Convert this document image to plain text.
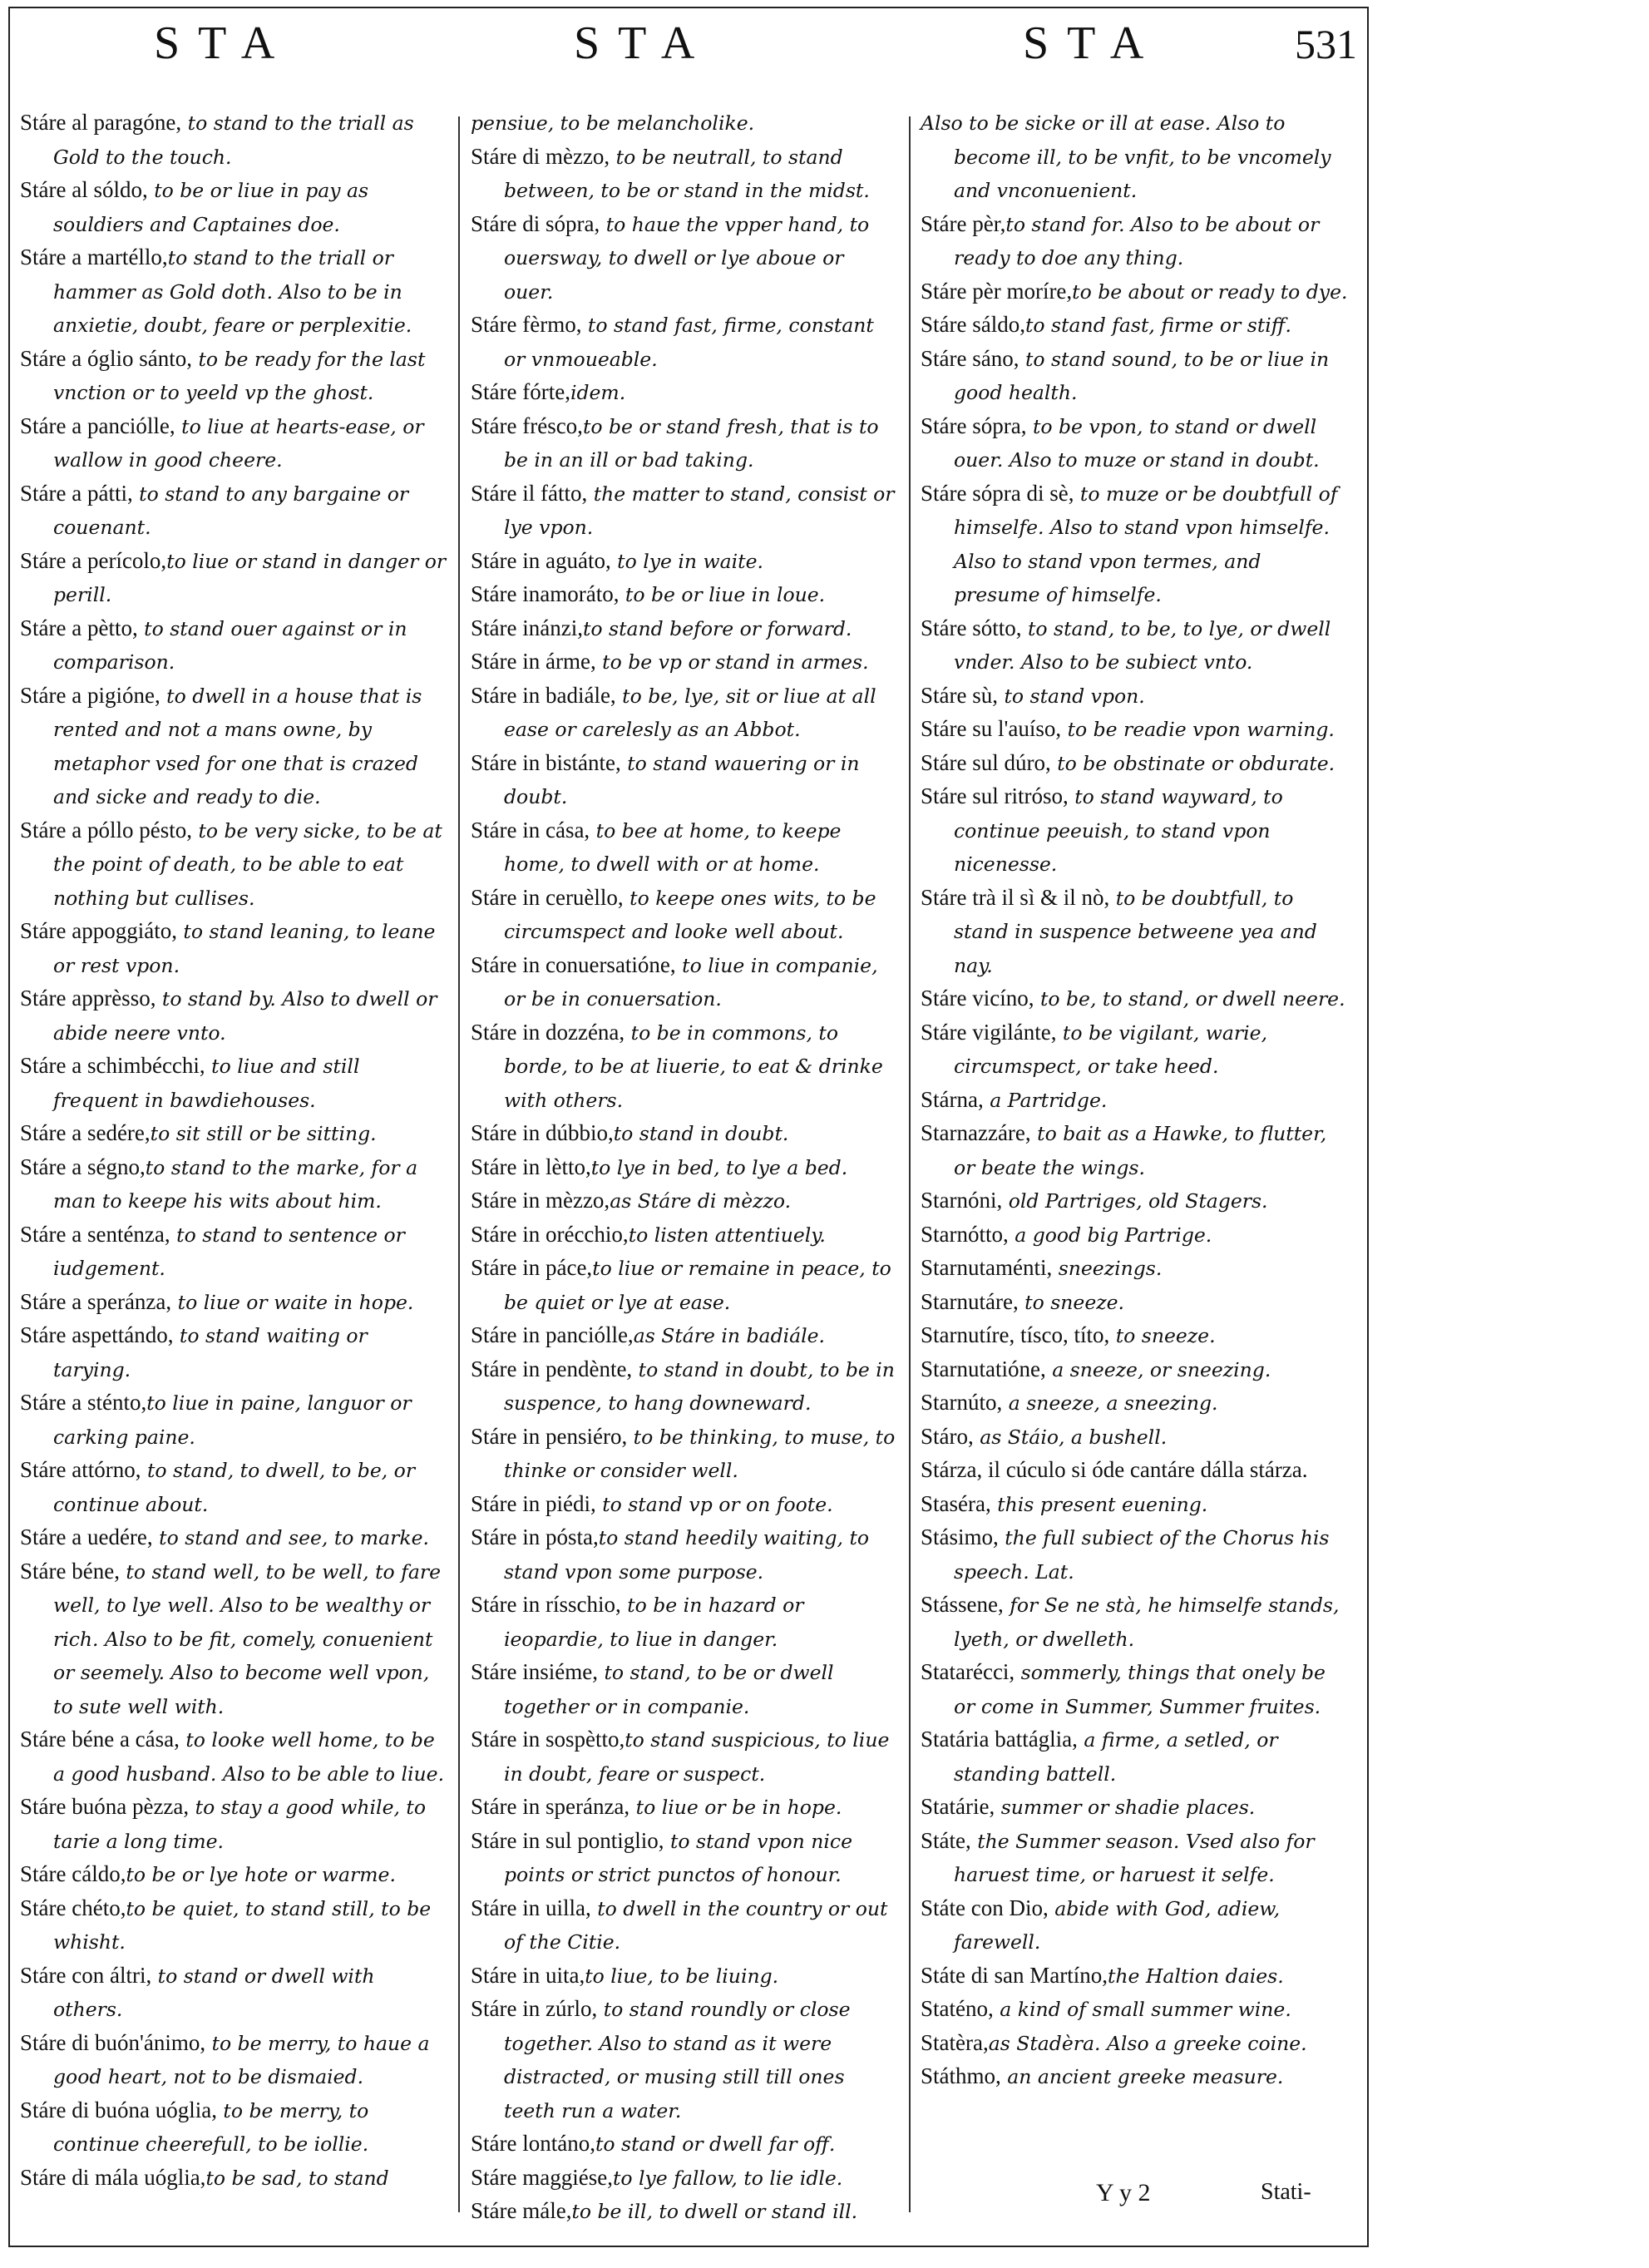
STA	STA	STA	531
Stáre al paragóne, to stand to the triall as Gold to the touch.
Stáre al sóldo, to be or liue in pay as souldiers and Captaines doe.
Stáre a martéllo,to stand to the triall or hammer as Gold doth. Also to be in anxietie, doubt, feare or perplexitie.
Stáre a óglio sánto, to be ready for the last vnction or to yeeld vp the ghost.
Stáre a panciólle, to liue at hearts-ease, or wallow in good cheere.
Stáre a pátti, to stand to any bargaine or couenant.
Stáre a perícolo,to liue or stand in danger or perill.
Stáre a pètto, to stand ouer against or in comparison.
Stáre a pigióne, to dwell in a house that is rented and not a mans owne, by metaphor vsed for one that is crazed and sicke and ready to die.
Stáre a póllo pésto, to be very sicke, to be at the point of death, to be able to eat nothing but cullises.
Stáre appoggiáto, to stand leaning, to leane or rest vpon.
Stáre apprèsso, to stand by. Also to dwell or abide neere vnto.
Stáre a schimbécchi, to liue and still frequent in bawdiehouses.
Stáre a sedére,to sit still or be sitting.
Stáre a ségno,to stand to the marke, for a man to keepe his wits about him.
Stáre a senténza, to stand to sentence or iudgement.
Stáre a speránza, to liue or waite in hope.
Stáre aspettándo, to stand waiting or tarying.
Stáre a sténto,to liue in paine, languor or carking paine.
Stáre attórno, to stand, to dwell, to be, or continue about.
Stáre a uedére, to stand and see, to marke.
Stáre béne, to stand well, to be well, to fare well, to lye well. Also to be wealthy or rich. Also to be fit, comely, conuenient or seemely. Also to become well vpon, to sute well with.
Stáre béne a cása, to looke well home, to be a good husband. Also to be able to liue.
Stáre buóna pèzza, to stay a good while, to tarie a long time.
Stáre cáldo,to be or lye hote or warme.
Stáre chéto,to be quiet, to stand still, to be whisht.
Stáre con áltri, to stand or dwell with others.
Stáre di buón'ánimo, to be merry, to haue a good heart, not to be dismaied.
Stáre di buóna uóglia, to be merry, to continue cheerefull, to be iollie.
Stáre di mála uóglia,to be sad, to stand
pensiue, to be melancholike.
Stáre di mèzzo, to be neutrall, to stand between, to be or stand in the midst.
Stáre di sópra, to haue the vpper hand, to ouersway, to dwell or lye aboue or ouer.
Stáre fèrmo, to stand fast, firme, constant or vnmoueable.
Stáre fórte,idem.
Stáre frésco,to be or stand fresh, that is to be in an ill or bad taking.
Stáre il fátto, the matter to stand, consist or lye vpon.
Stáre in aguáto, to lye in waite.
Stáre inamoráto, to be or liue in loue.
Stáre inánzi,to stand before or forward.
Stáre in árme, to be vp or stand in armes.
Stáre in badiále, to be, lye, sit or liue at all ease or carelesly as an Abbot.
Stáre in bistánte, to stand wauering or in doubt.
Stáre in cása, to bee at home, to keepe home, to dwell with or at home.
Stáre in ceruèllo, to keepe ones wits, to be circumspect and looke well about.
Stáre in conuersatióne, to liue in companie, or be in conuersation.
Stáre in dozzéna, to be in commons, to borde, to be at liuerie, to eat & drinke with others.
Stáre in dúbbio,to stand in doubt.
Stáre in lètto,to lye in bed, to lye a bed.
Stáre in mèzzo,as Stáre di mèzzo.
Stáre in orécchio,to listen attentiuely.
Stáre in páce,to liue or remaine in peace, to be quiet or lye at ease.
Stáre in panciólle,as Stáre in badiále.
Stáre in pendènte, to stand in doubt, to be in suspence, to hang downeward.
Stáre in pensiéro, to be thinking, to muse, to thinke or consider well.
Stáre in piédi, to stand vp or on foote.
Stáre in pósta,to stand heedily waiting, to stand vpon some purpose.
Stáre in rísschio, to be in hazard or ieopardie, to liue in danger.
Stáre insiéme, to stand, to be or dwell together or in companie.
Stáre in sospètto,to stand suspicious, to liue in doubt, feare or suspect.
Stáre in speránza, to liue or be in hope.
Stáre in sul pontiglio, to stand vpon nice points or strict punctos of honour.
Stáre in uilla, to dwell in the country or out of the Citie.
Stáre in uita,to liue, to be liuing.
Stáre in zúrlo, to stand roundly or close together. Also to stand as it were distracted, or musing still till ones teeth run a water.
Stáre lontáno,to stand or dwell far off.
Stáre maggiése,to lye fallow, to lie idle.
Stáre mále,to be ill, to dwell or stand ill.
Also to be sicke or ill at ease. Also to become ill, to be vnfit, to be vncomely and vnconuenient.
Stáre pèr,to stand for. Also to be about or ready to doe any thing.
Stáre pèr moríre,to be about or ready to dye.
Stáre sáldo,to stand fast, firme or stiff.
Stáre sáno, to stand sound, to be or liue in good health.
Stáre sópra, to be vpon, to stand or dwell ouer. Also to muze or stand in doubt.
Stáre sópra di sè, to muze or be doubtfull of himselfe. Also to stand vpon himselfe. Also to stand vpon termes, and presume of himselfe.
Stáre sótto, to stand, to be, to lye, or dwell vnder. Also to be subiect vnto.
Stáre sù, to stand vpon.
Stáre su l'auíso, to be readie vpon warning.
Stáre sul dúro, to be obstinate or obdurate.
Stáre sul ritróso, to stand wayward, to continue peeuish, to stand vpon nicenesse.
Stáre trà il sì & il nò, to be doubtfull, to stand in suspence betweene yea and nay.
Stáre vicíno, to be, to stand, or dwell neere.
Stáre vigilánte, to be vigilant, warie, circumspect, or take heed.
Stárna, a Partridge.
Starnazzáre, to bait as a Hawke, to flutter, or beate the wings.
Starnóni, old Partriges, old Stagers.
Starnótto, a good big Partrige.
Starnutaménti, sneezings.
Starnutáre, to sneeze.
Starnutíre, tísco, títo, to sneeze.
Starnutatióne, a sneeze, or sneezing.
Starnúto, a sneeze, a sneezing.
Stáro, as Stáio, a bushell.
Stárza, il cúculo si óde cantáre dálla stárza.
Staséra, this present euening.
Stásimo, the full subiect of the Chorus his speech. Lat.
Stássene, for Se ne stà, he himselfe stands, lyeth, or dwelleth.
Statarécci, sommerly, things that onely be or come in Summer, Summer fruites.
Statária battáglia, a firme, a setled, or standing battell.
Statárie, summer or shadie places.
Státe, the Summer season. Vsed also for haruest time, or haruest it selfe.
Státe con Dio, abide with God, adiew, farewell.
Státe di san Martíno,the Haltion daies.
Staténo, a kind of small summer wine.
Statèra,as Stadèra. Also a greeke coine.
Státhmo, an ancient greeke measure.
Y y 2	Stati-
